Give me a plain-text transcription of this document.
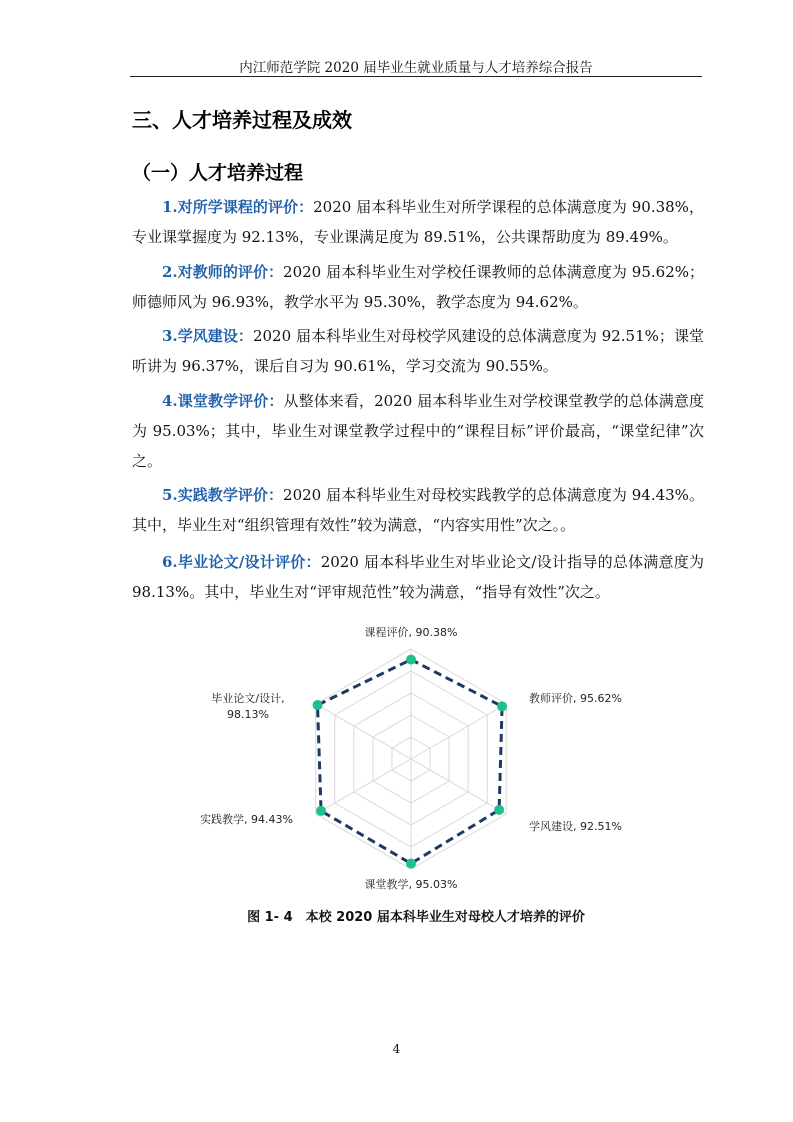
内江师范学院 2020 届毕业生就业质量与人才培养综合报告
三、人才培养过程及成效
（一）人才培养过程

1.对所学课程的评价：2020 届本科毕业生对所学课程的总体满意度为 90.38%，专业课掌握度为 92.13%，专业课满足度为 89.51%，公共课帮助度为 89.49%。

2.对教师的评价：2020 届本科毕业生对学校任课教师的总体满意度为 95.62%；师德师风为 96.93%，教学水平为 95.30%，教学态度为 94.62%。

3.学风建设：2020 届本科毕业生对母校学风建设的总体满意度为 92.51%；课堂听讲为 96.37%，课后自习为 90.61%，学习交流为 90.55%。

4.课堂教学评价：从整体来看，2020 届本科毕业生对学校课堂教学的总体满意度为 95.03%；其中，毕业生对课堂教学过程中的“课程目标”评价最高，“课堂纪律”次之。

5.实践教学评价：2020 届本科毕业生对母校实践教学的总体满意度为 94.43%。其中，毕业生对“组织管理有效性”较为满意，“内容实用性”次之。。

6.毕业论文/设计评价：2020 届本科毕业生对毕业论文/设计指导的总体满意度为 98.13%。其中，毕业生对“评审规范性”较为满意，“指导有效性”次之。

课程评价, 90.38%
教师评价, 95.62%
学风建设, 92.51%
课堂教学, 95.03%
实践教学, 94.43%
毕业论文/设计,
98.13%
图 1- 4　本校 2020 届本科毕业生对母校人才培养的评价
4
